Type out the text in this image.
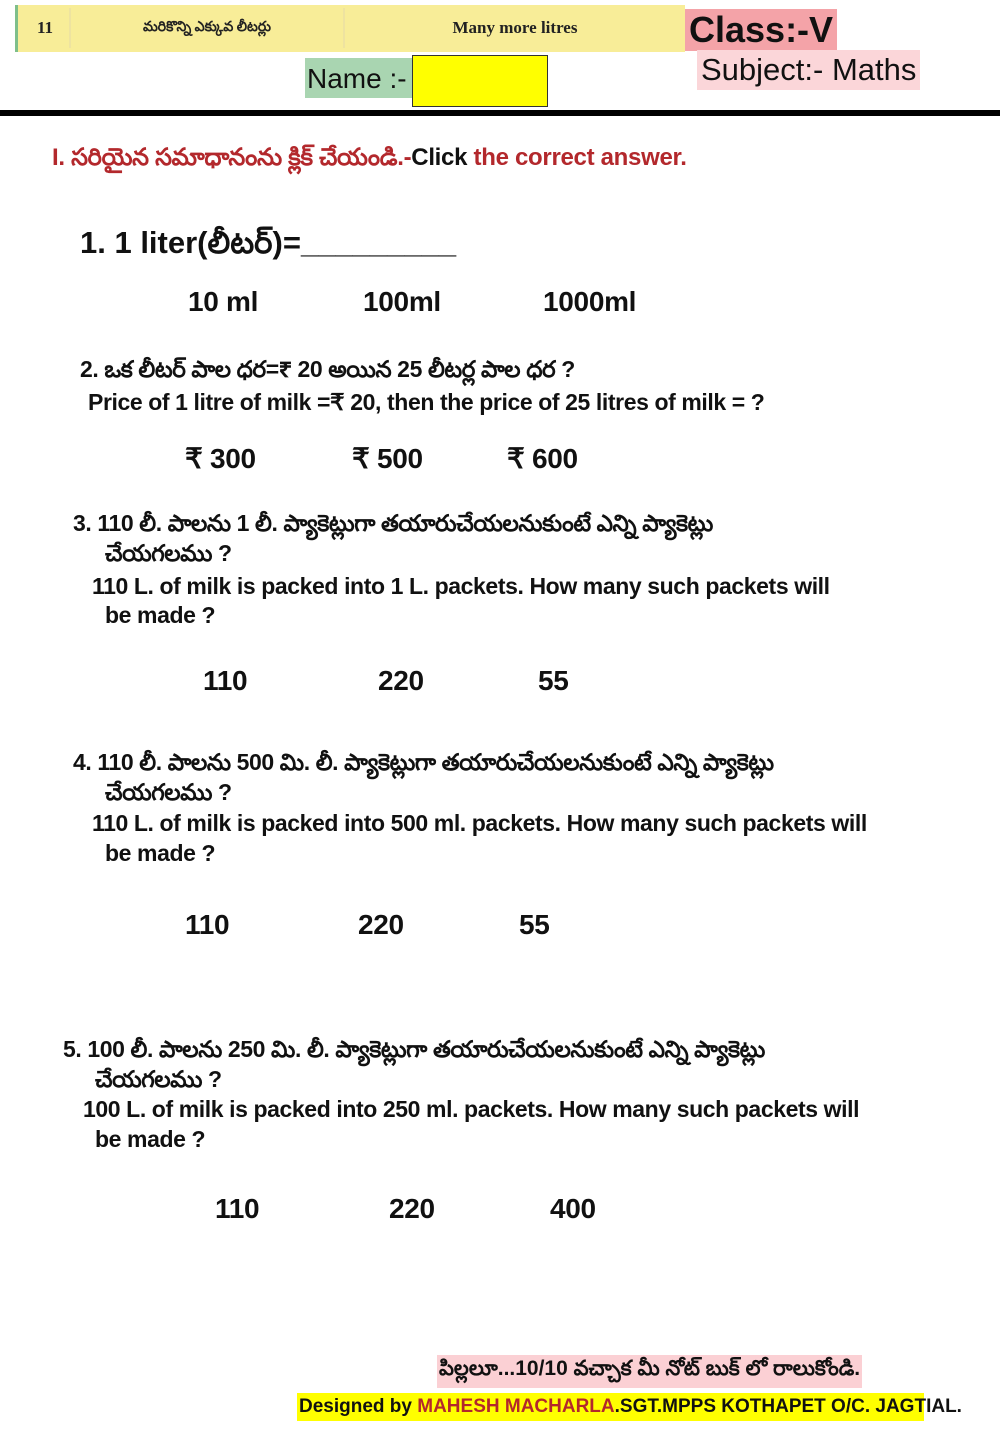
11	మరికొన్ని ఎక్కువ లీటర్లు	Many more litres	Class:-V
Subject:- Maths
Name :-
I. సరియైన సమాధానంను క్లిక్ చేయండి.-Click the correct answer.
1. 1 liter(లీటర్)=_________
10 ml	100ml	1000ml
2. ఒక లీటర్ పాల ధర=₹ 20 అయిన 25 లీటర్ల పాల ధర ?
Price of 1 litre of milk =₹ 20, then the price of 25 litres of milk = ?
₹ 300	₹ 500	₹ 600
3. 110 లీ. పాలను 1 లీ. ప్యాకెట్లుగా తయారుచేయలనుకుంటే ఎన్ని ప్యాకెట్లు
చేయగలము ?
110 L. of milk is packed into 1 L. packets. How many such packets will
be made ?
110	220	55
4. 110 లీ. పాలను 500 మి. లీ. ప్యాకెట్లుగా తయారుచేయలనుకుంటే ఎన్ని ప్యాకెట్లు
చేయగలము ?
110 L. of milk is packed into 500 ml. packets. How many such packets will
be made ?
110	220	55
5. 100 లీ. పాలను 250 మి. లీ. ప్యాకెట్లుగా తయారుచేయలనుకుంటే ఎన్ని ప్యాకెట్లు
చేయగలము ?
100 L. of milk is packed into 250 ml. packets. How many such packets will
be made ?
110	220	400
పిల్లలూ...10/10 వచ్చాక మీ నోట్ బుక్ లో రాలుకోండి.
Designed by MAHESH MACHARLA.SGT.MPPS KOTHAPET O/C. JAGTIAL.
